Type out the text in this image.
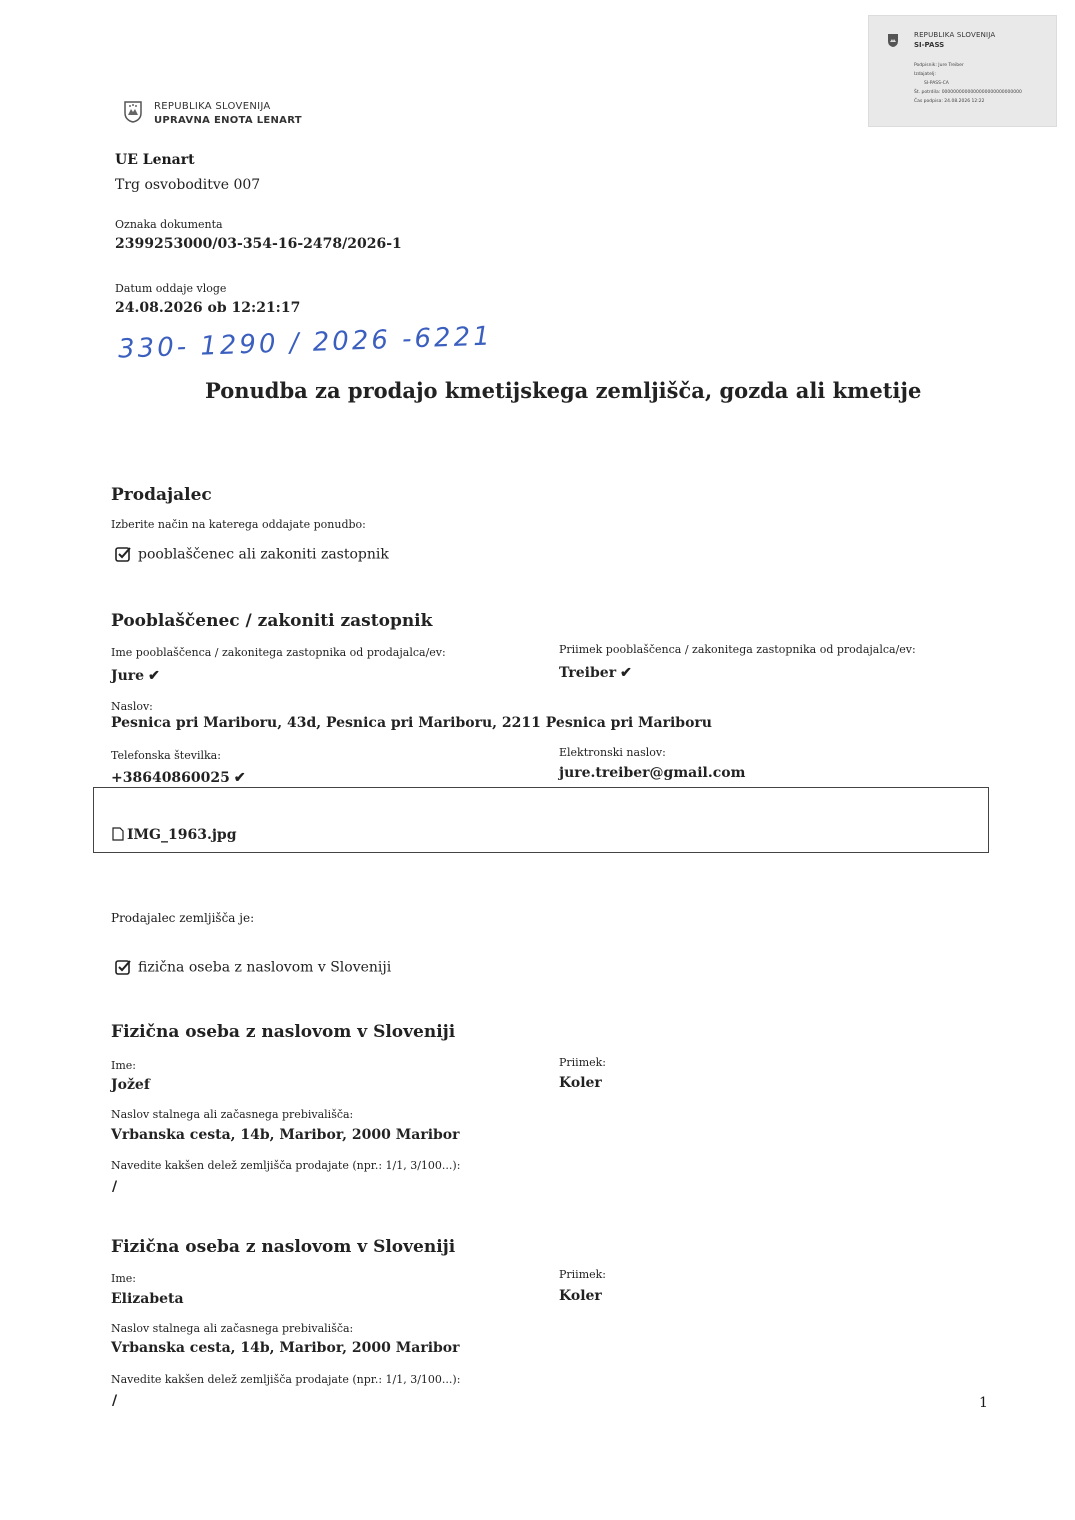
REPUBLIKA SLOVENIJA
SI-PASS
Podpisnik: Jure Treiber
Izdajatelj:
SI-PASS-CA
Št. potrdila: 0000000000000000000000000000
Čas podpisa: 24.08.2026 12:22
REPUBLIKA SLOVENIJA
UPRAVNA ENOTA LENART
UE Lenart
Trg osvoboditve 007
Oznaka dokumenta
2399253000/03-354-16-2478/2026-1
Datum oddaje vloge
24.08.2026 ob 12:21:17
330- 1290 / 2026 -6221
Ponudba za prodajo kmetijskega zemljišča, gozda ali kmetije
Prodajalec
Izberite način na katerega oddajate ponudbo:
pooblaščenec ali zakoniti zastopnik
Pooblaščenec / zakoniti zastopnik
Ime pooblaščenca / zakonitega zastopnika od prodajalca/ev:
Jure ✔
Priimek pooblaščenca / zakonitega zastopnika od prodajalca/ev:
Treiber ✔
Naslov:
Pesnica pri Mariboru, 43d, Pesnica pri Mariboru, 2211 Pesnica pri Mariboru
Telefonska številka:
+38640860025 ✔
Elektronski naslov:
jure.treiber@gmail.com
IMG_1963.jpg
Prodajalec zemljišča je:
fizična oseba z naslovom v Sloveniji
Fizična oseba z naslovom v Sloveniji
Ime:
Jožef
Priimek:
Koler
Naslov stalnega ali začasnega prebivališča:
Vrbanska cesta, 14b, Maribor, 2000 Maribor
Navedite kakšen delež zemljišča prodajate (npr.: 1/1, 3/100...):
/
Fizična oseba z naslovom v Sloveniji
Ime:
Elizabeta
Priimek:
Koler
Naslov stalnega ali začasnega prebivališča:
Vrbanska cesta, 14b, Maribor, 2000 Maribor
Navedite kakšen delež zemljišča prodajate (npr.: 1/1, 3/100...):
/	1
